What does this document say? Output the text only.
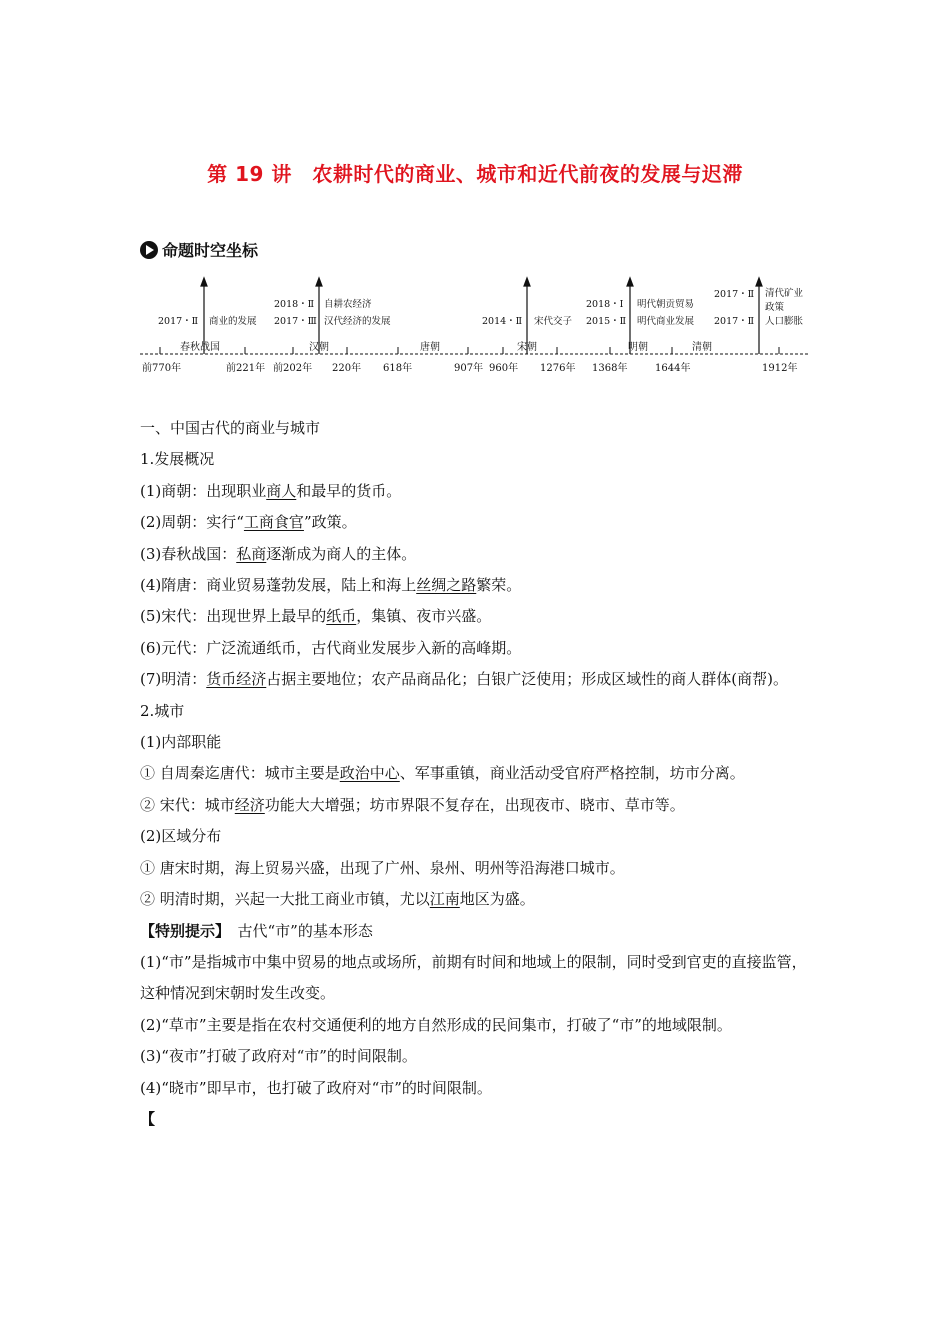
第 19 讲　农耕时代的商业、城市和近代前夜的发展与迟滞
命题时空坐标
2017・Ⅱ 商业的发展
2018・Ⅱ
2017・Ⅲ
自耕农经济
汉代经济的发展	2014・Ⅱ 宋代交子
2018・Ⅰ
2015・Ⅱ
明代朝贡贸易
明代商业发展
2017・Ⅱ
2017・Ⅱ
清代矿业
政策
人口膨胀
春秋战国	汉朝	唐朝	宋朝	明朝	清朝
前770年	前221年 前202年 220年 618年	907年 960年 1276年 1368年	1644年	1912年

一、中国古代的商业与城市

1.发展概况

(1)商朝：出现职业商人和最早的货币。

(2)周朝：实行“工商食官”政策。

(3)春秋战国：私商逐渐成为商人的主体。

(4)隋唐：商业贸易蓬勃发展，陆上和海上丝绸之路繁荣。

(5)宋代：出现世界上最早的纸币，集镇、夜市兴盛。

(6)元代：广泛流通纸币，古代商业发展步入新的高峰期。

(7)明清：货币经济占据主要地位；农产品商品化；白银广泛使用；形成区域性的商人群体(商帮)。

2.城市

(1)内部职能

① 自周秦迄唐代：城市主要是政治中心、军事重镇，商业活动受官府严格控制，坊市分离。

② 宋代：城市经济功能大大增强；坊市界限不复存在，出现夜市、晓市、草市等。

(2)区域分布

① 唐宋时期，海上贸易兴盛，出现了广州、泉州、明州等沿海港口城市。

② 明清时期，兴起一大批工商业市镇，尤以江南地区为盛。

【特别提示】　古代“市”的基本形态

(1)“市”是指城市中集中贸易的地点或场所，前期有时间和地域上的限制，同时受到官吏的直接监管，这种情况到宋朝时发生改变。

(2)“草市”主要是指在农村交通便利的地方自然形成的民间集市，打破了“市”的地域限制。

(3)“夜市”打破了政府对“市”的时间限制。

(4)“晓市”即早市，也打破了政府对“市”的时间限制。

【
